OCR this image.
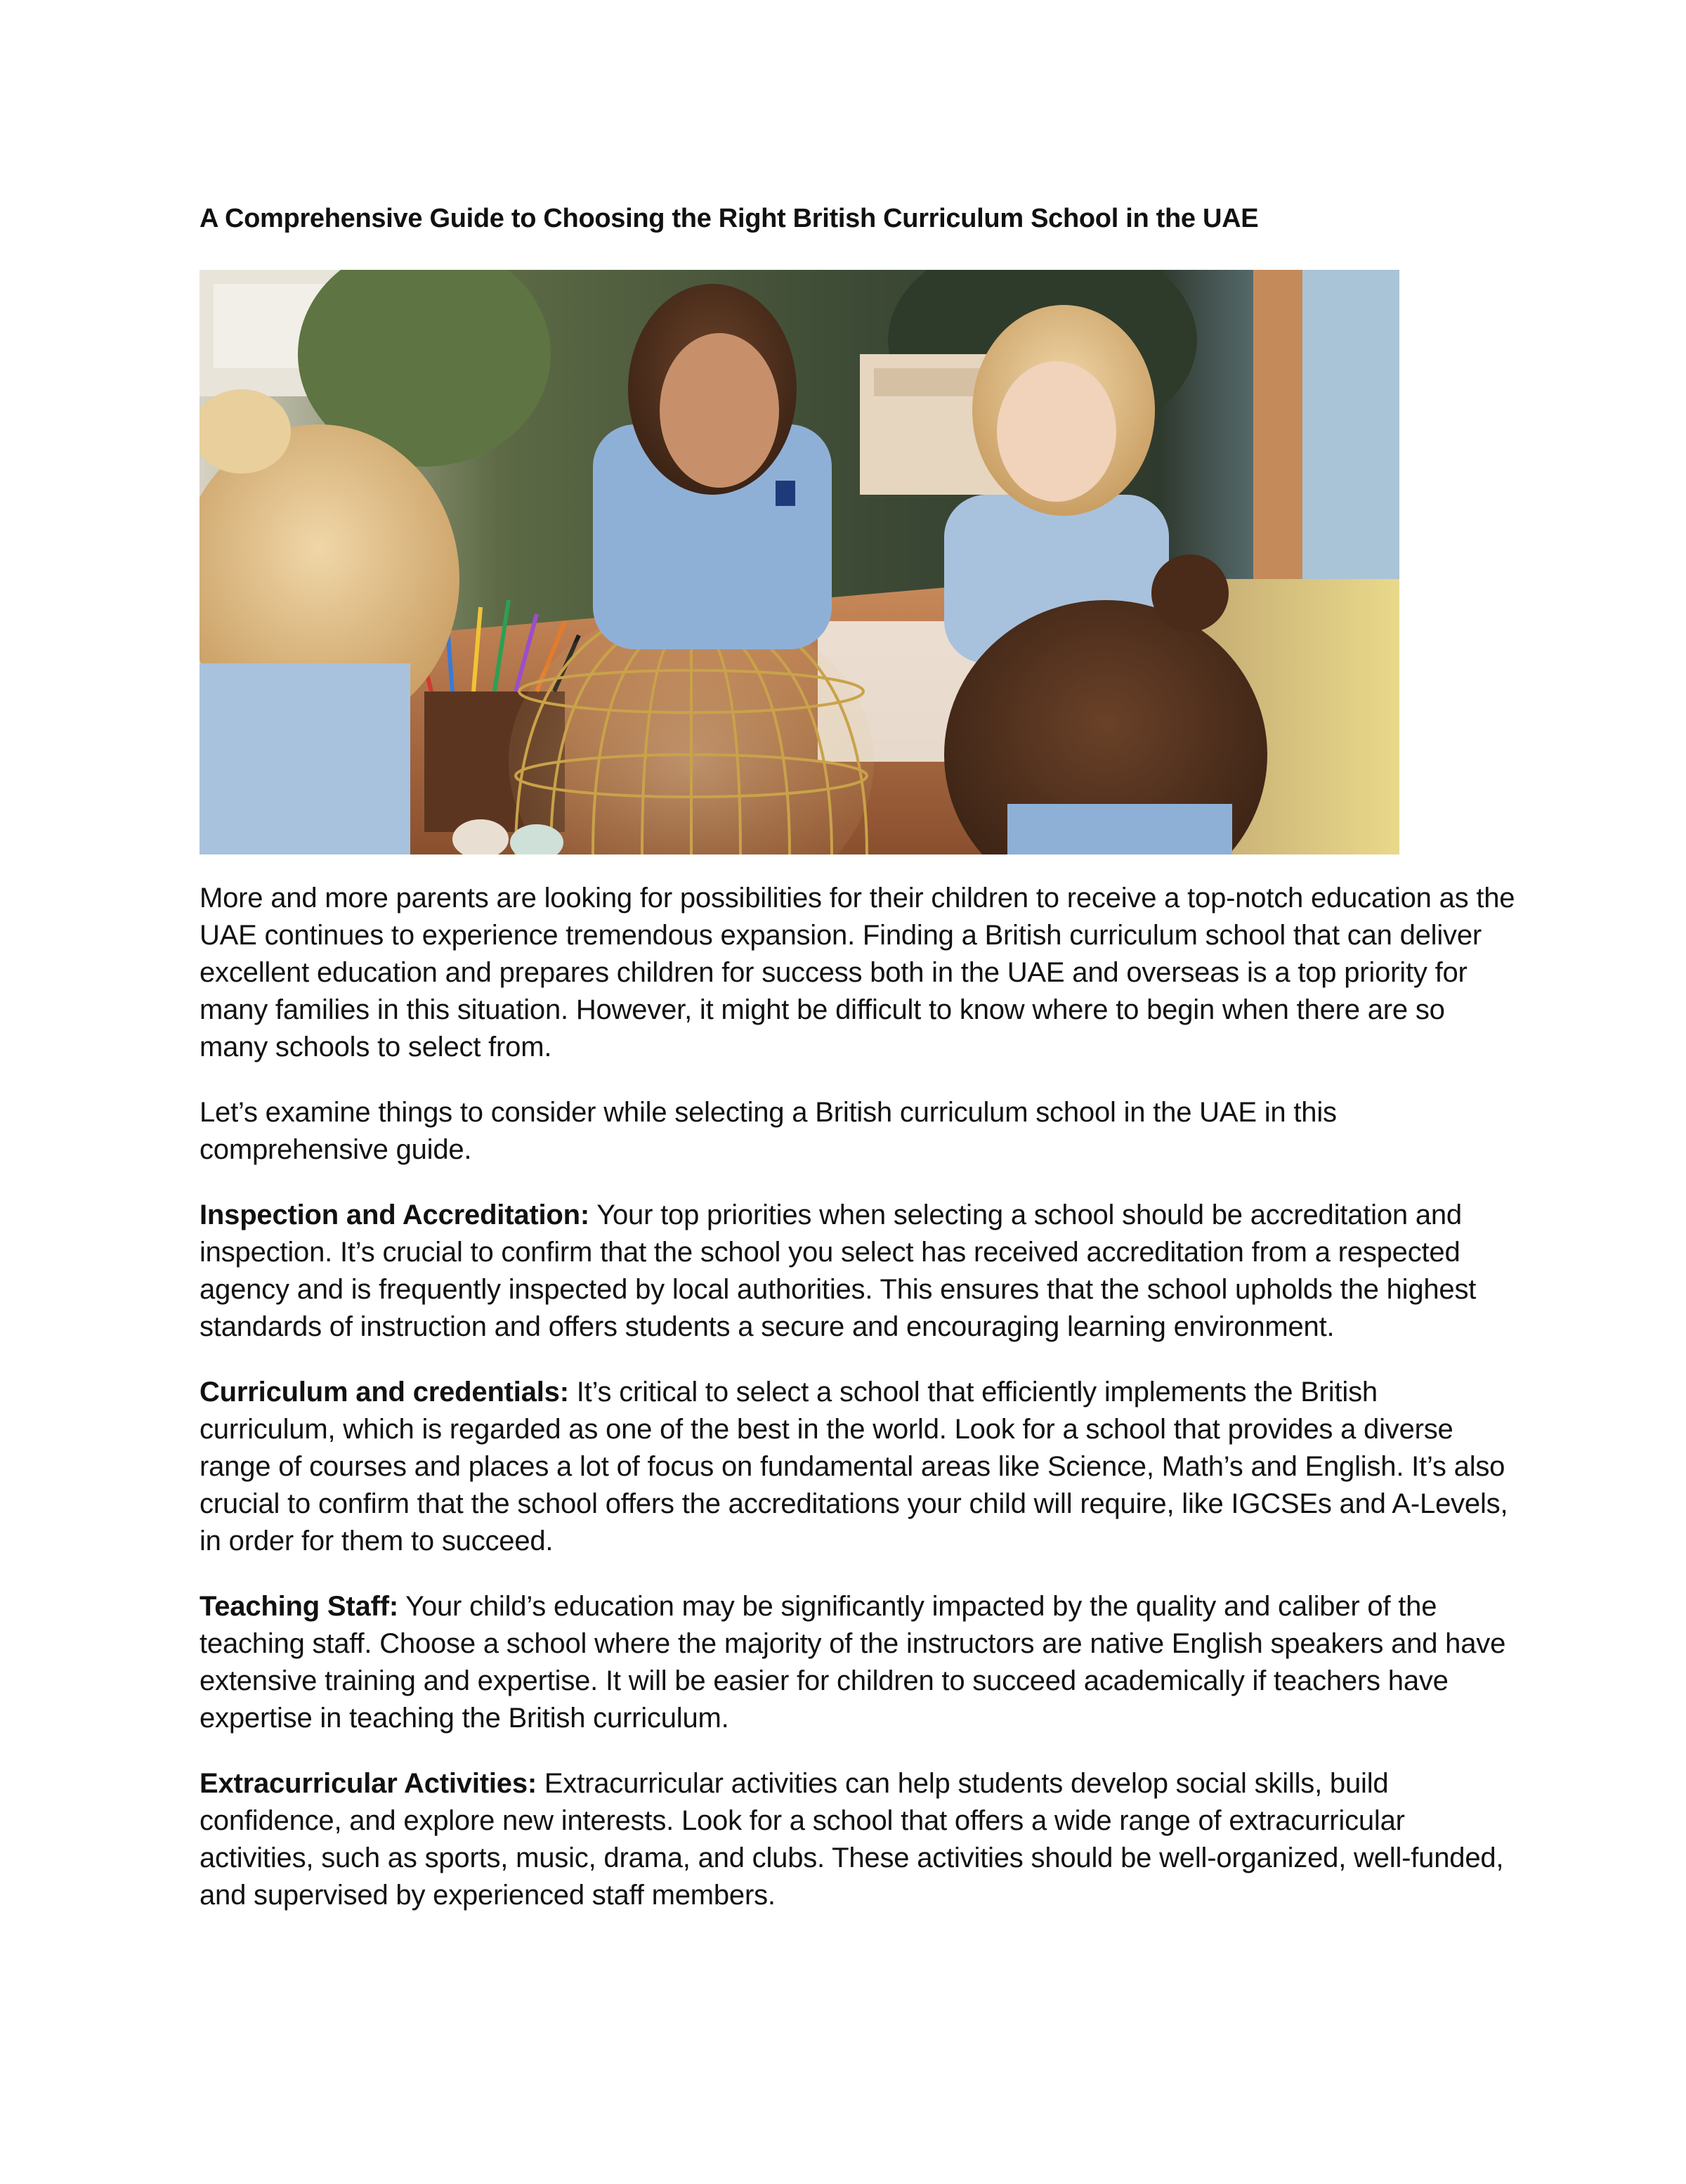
A Comprehensive Guide to Choosing the Right British Curriculum School in the UAE

More and more parents are looking for possibilities for their children to receive a top-notch education as the UAE continues to experience tremendous expansion. Finding a British curriculum school that can deliver excellent education and prepares children for success both in the UAE and overseas is a top priority for many families in this situation. However, it might be difficult to know where to begin when there are so many schools to select from.

Let’s examine things to consider while selecting a British curriculum school in the UAE in this comprehensive guide.

Inspection and Accreditation: Your top priorities when selecting a school should be accreditation and inspection. It’s crucial to confirm that the school you select has received accreditation from a respected agency and is frequently inspected by local authorities. This ensures that the school upholds the highest standards of instruction and offers students a secure and encouraging learning environment.

Curriculum and credentials: It’s critical to select a school that efficiently implements the British curriculum, which is regarded as one of the best in the world. Look for a school that provides a diverse range of courses and places a lot of focus on fundamental areas like Science, Math’s and English. It’s also crucial to confirm that the school offers the accreditations your child will require, like IGCSEs and A-Levels, in order for them to succeed.

Teaching Staff: Your child’s education may be significantly impacted by the quality and caliber of the teaching staff. Choose a school where the majority of the instructors are native English speakers and have extensive training and expertise. It will be easier for children to succeed academically if teachers have expertise in teaching the British curriculum.

Extracurricular Activities: Extracurricular activities can help students develop social skills, build confidence, and explore new interests. Look for a school that offers a wide range of extracurricular activities, such as sports, music, drama, and clubs. These activities should be well-organized, well-funded, and supervised by experienced staff members.
